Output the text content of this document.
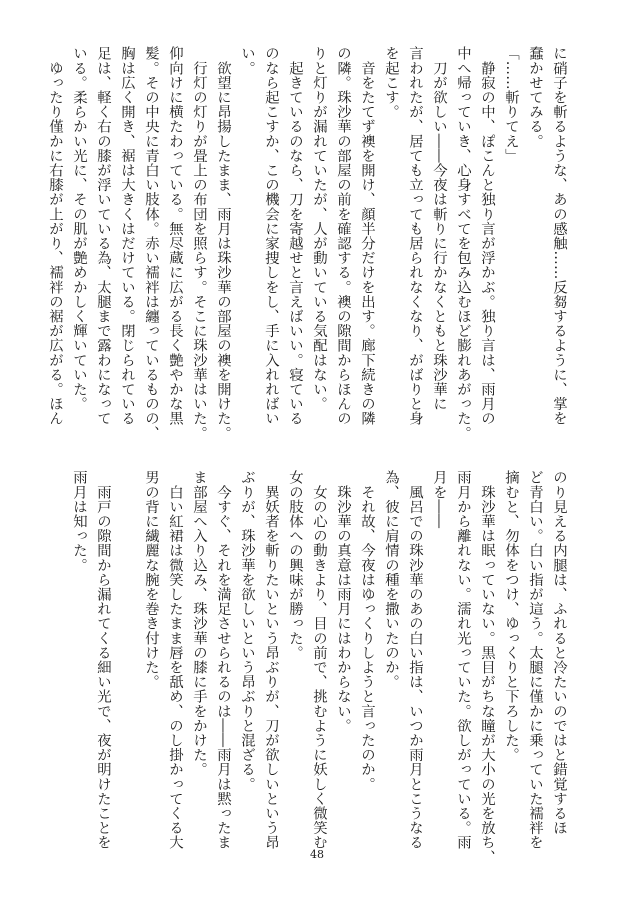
に硝子を斬るような、あの感触……反芻するように、掌を
蠢かせてみる。
「……斬りてえ」
　静寂の中、ぽこんと独り言が浮かぶ。独り言は、雨月の
中へ帰っていき、心身すべてを包み込むほど膨れあがった。
　刀が欲しい――今夜は斬りに行かなくともと珠沙華に
言われたが、居ても立っても居られなくなり、がばりと身
を起こす。
　音をたてず襖を開け、顔半分だけを出す。廊下続きの隣
の隣。珠沙華の部屋の前を確認する。襖の隙間からほんの
りと灯りが漏れていたが、人が動いている気配はない。
　起きているのなら、刀を寄越せと言えばいい。寝ている
のなら起こすか、この機会に家捜しをし、手に入れればい
い。
　欲望に昂揚したまま、雨月は珠沙華の部屋の襖を開けた。
　行灯の灯りが畳上の布団を照らす。そこに珠沙華はいた。
仰向けに横たわっている。無尽蔵に広がる長く艶やかな黒
髪。その中央に青白い肢体。赤い襦袢は纏っているものの、
胸は広く開き、裾は大きくはだけている。閉じられている
足は、軽く右の膝が浮いている為、太腿まで露わになって
いる。柔らかい光に、その肌が艶めかしく輝いていた。
　ゆったり僅かに右膝が上がり、襦袢の裾が広がる。ほん
のり見える内腿は、ふれると冷たいのではと錯覚するほ
ど青白い。白い指が這う。太腿に僅かに乗っていた襦袢を
摘むと、勿体をつけ、ゆっくりと下ろした。
　珠沙華は眠っていない。黒目がちな瞳が大小の光を放ち、
雨月から離れない。濡れ光っていた。欲しがっている。雨
月を――
　風呂での珠沙華のあの白い指は、いつか雨月とこうなる
為、彼に肩情の種を撒いたのか。
　それ故、今夜はゆっくりしようと言ったのか。
　珠沙華の真意は雨月にはわからない。
　女の心の動きより、目の前で、挑むように妖しく微笑む
女の肢体への興味が勝った。
　異妖者を斬りたいという昂ぶりが、刀が欲しいという昂
ぶりが、珠沙華を欲しいという昂ぶりと混ざる。
　今すぐ、それを満足させられるのは――雨月は黙ったま
ま部屋へ入り込み、珠沙華の膝に手をかけた。
　白い紅裙は微笑したまま唇を舐め、のし掛かってくる大
男の背に繊麗な腕を巻き付けた。

　雨戸の隙間から漏れてくる細い光で、夜が明けたことを
雨月は知った。
48
